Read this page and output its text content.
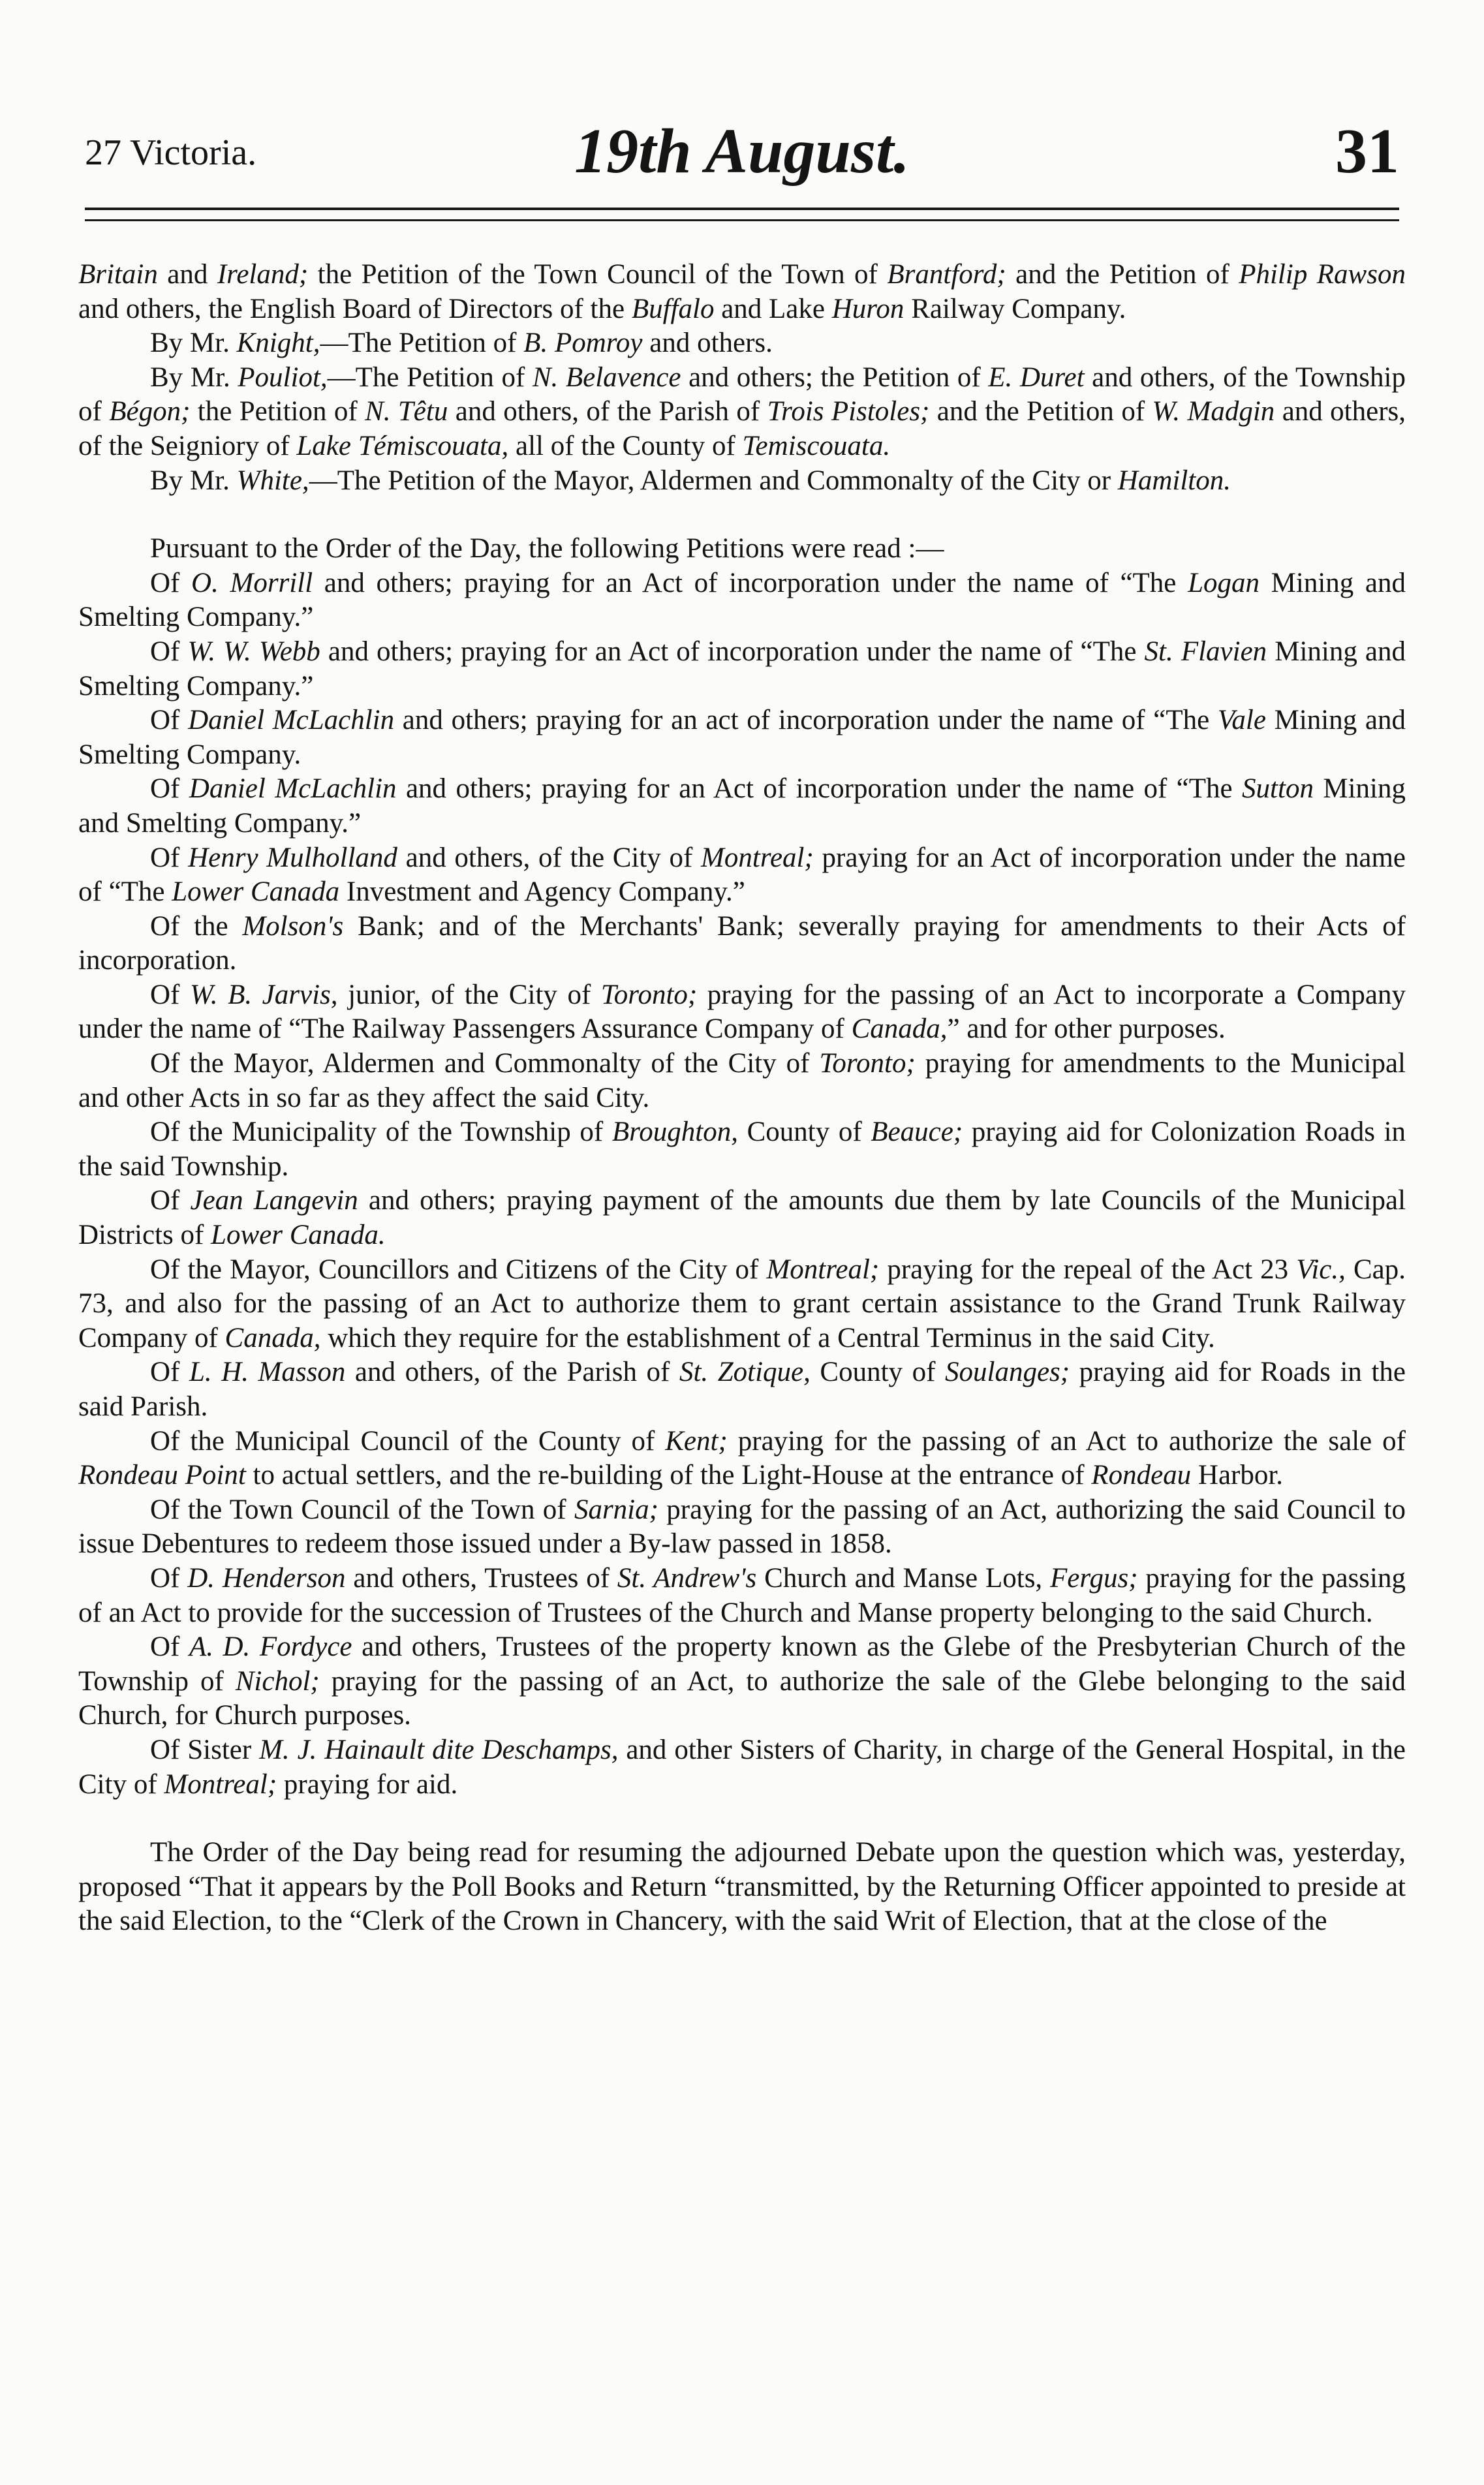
27 Victoria.	19th August.	31

Britain and Ireland; the Petition of the Town Council of the Town of Brantford; and the Petition of Philip Rawson and others, the English Board of Directors of the Buffalo and Lake Huron Railway Company.

By Mr. Knight,—The Petition of B. Pomroy and others.

By Mr. Pouliot,—The Petition of N. Belavence and others; the Petition of E. Duret and others, of the Township of Bégon; the Petition of N. Têtu and others, of the Parish of Trois Pistoles; and the Petition of W. Madgin and others, of the Seigniory of Lake Témiscouata, all of the County of Temiscouata.

By Mr. White,—The Petition of the Mayor, Aldermen and Commonalty of the City or Hamilton.

Pursuant to the Order of the Day, the following Petitions were read :—

Of O. Morrill and others; praying for an Act of incorporation under the name of “The Logan Mining and Smelting Company.”

Of W. W. Webb and others; praying for an Act of incorporation under the name of “The St. Flavien Mining and Smelting Company.”

Of Daniel McLachlin and others; praying for an act of incorporation under the name of “The Vale Mining and Smelting Company.

Of Daniel McLachlin and others; praying for an Act of incorporation under the name of “The Sutton Mining and Smelting Company.”

Of Henry Mulholland and others, of the City of Montreal; praying for an Act of incorporation under the name of “The Lower Canada Investment and Agency Company.”

Of the Molson's Bank; and of the Merchants' Bank; severally praying for amendments to their Acts of incorporation.

Of W. B. Jarvis, junior, of the City of Toronto; praying for the passing of an Act to incorporate a Company under the name of “The Railway Passengers Assurance Company of Canada,” and for other purposes.

Of the Mayor, Aldermen and Commonalty of the City of Toronto; praying for amendments to the Municipal and other Acts in so far as they affect the said City.

Of the Municipality of the Township of Broughton, County of Beauce; praying aid for Colonization Roads in the said Township.

Of Jean Langevin and others; praying payment of the amounts due them by late Councils of the Municipal Districts of Lower Canada.

Of the Mayor, Councillors and Citizens of the City of Montreal; praying for the repeal of the Act 23 Vic., Cap. 73, and also for the passing of an Act to authorize them to grant certain assistance to the Grand Trunk Railway Company of Canada, which they require for the establishment of a Central Terminus in the said City.

Of L. H. Masson and others, of the Parish of St. Zotique, County of Soulanges; praying aid for Roads in the said Parish.

Of the Municipal Council of the County of Kent; praying for the passing of an Act to authorize the sale of Rondeau Point to actual settlers, and the re-building of the Light-House at the entrance of Rondeau Harbor.

Of the Town Council of the Town of Sarnia; praying for the passing of an Act, authorizing the said Council to issue Debentures to redeem those issued under a By-law passed in 1858.

Of D. Henderson and others, Trustees of St. Andrew's Church and Manse Lots, Fergus; praying for the passing of an Act to provide for the succession of Trustees of the Church and Manse property belonging to the said Church.

Of A. D. Fordyce and others, Trustees of the property known as the Glebe of the Presbyterian Church of the Township of Nichol; praying for the passing of an Act, to authorize the sale of the Glebe belonging to the said Church, for Church purposes.

Of Sister M. J. Hainault dite Deschamps, and other Sisters of Charity, in charge of the General Hospital, in the City of Montreal; praying for aid.

The Order of the Day being read for resuming the adjourned Debate upon the question which was, yesterday, proposed “That it appears by the Poll Books and Return “transmitted, by the Returning Officer appointed to preside at the said Election, to the “Clerk of the Crown in Chancery, with the said Writ of Election, that at the close of the
